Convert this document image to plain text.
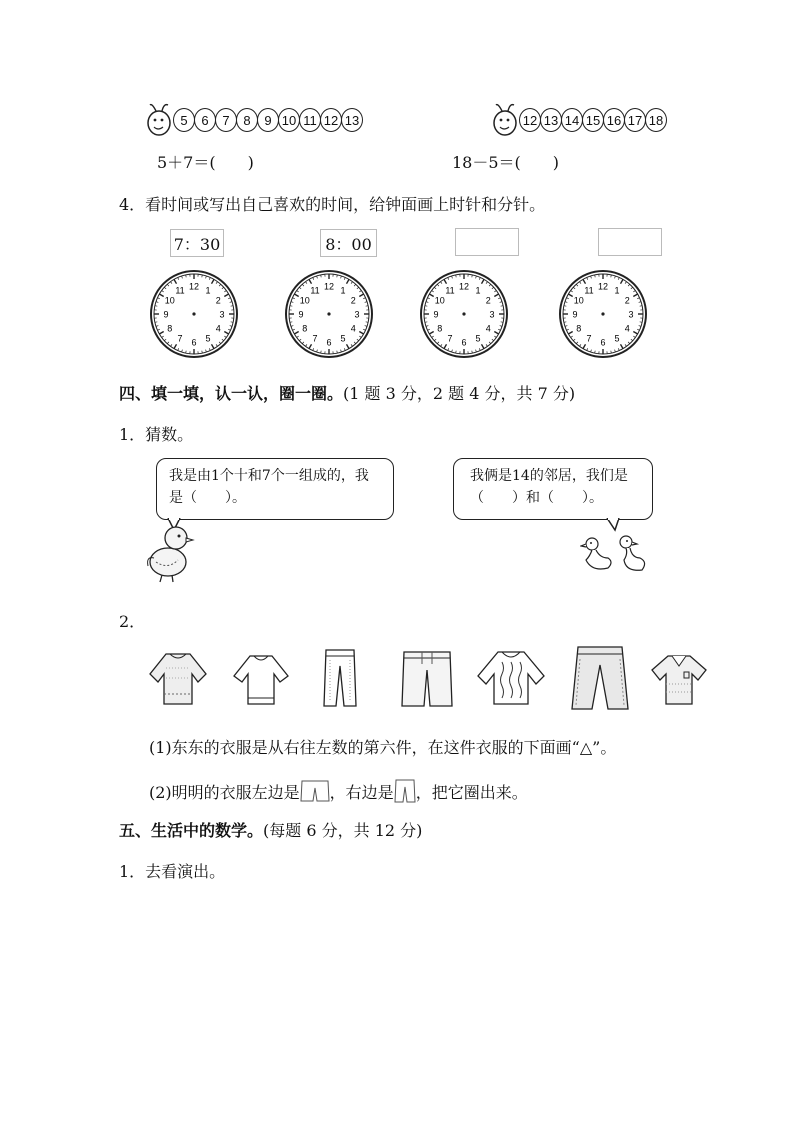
5	6	7	8	9 10 11 12 13
5＋7＝(　　)
12 13 14 15 16 17 18
18－5＝(　　)
4．看时间或写出自己喜欢的时间，给钟面画上时针和分针。
7：30	8：00
12 1
2
3
4
5
6
7
8
9
10
11	12 1
2
3
4
5
6
7
8
9
10
11	12 1
2
3
4
5
6
7
8
9
10
11	12 1
2
3
4
5
6
7
8
9
10
11
四、填一填，认一认，圈一圈。(1 题 3 分，2 题 4 分，共 7 分)
1．猜数。
我是由1个十和7个一组成的，我
是（　　）。
我俩是14的邻居，我们是
（　　）和（　　）。
2．
(1)东东的衣服是从右往左数的第六件，在这件衣服的下面画“△”。
(2)明明的衣服左边是 ，右边是 ，把它圈出来。
五、生活中的数学。(每题 6 分，共 12 分)
1．去看演出。
